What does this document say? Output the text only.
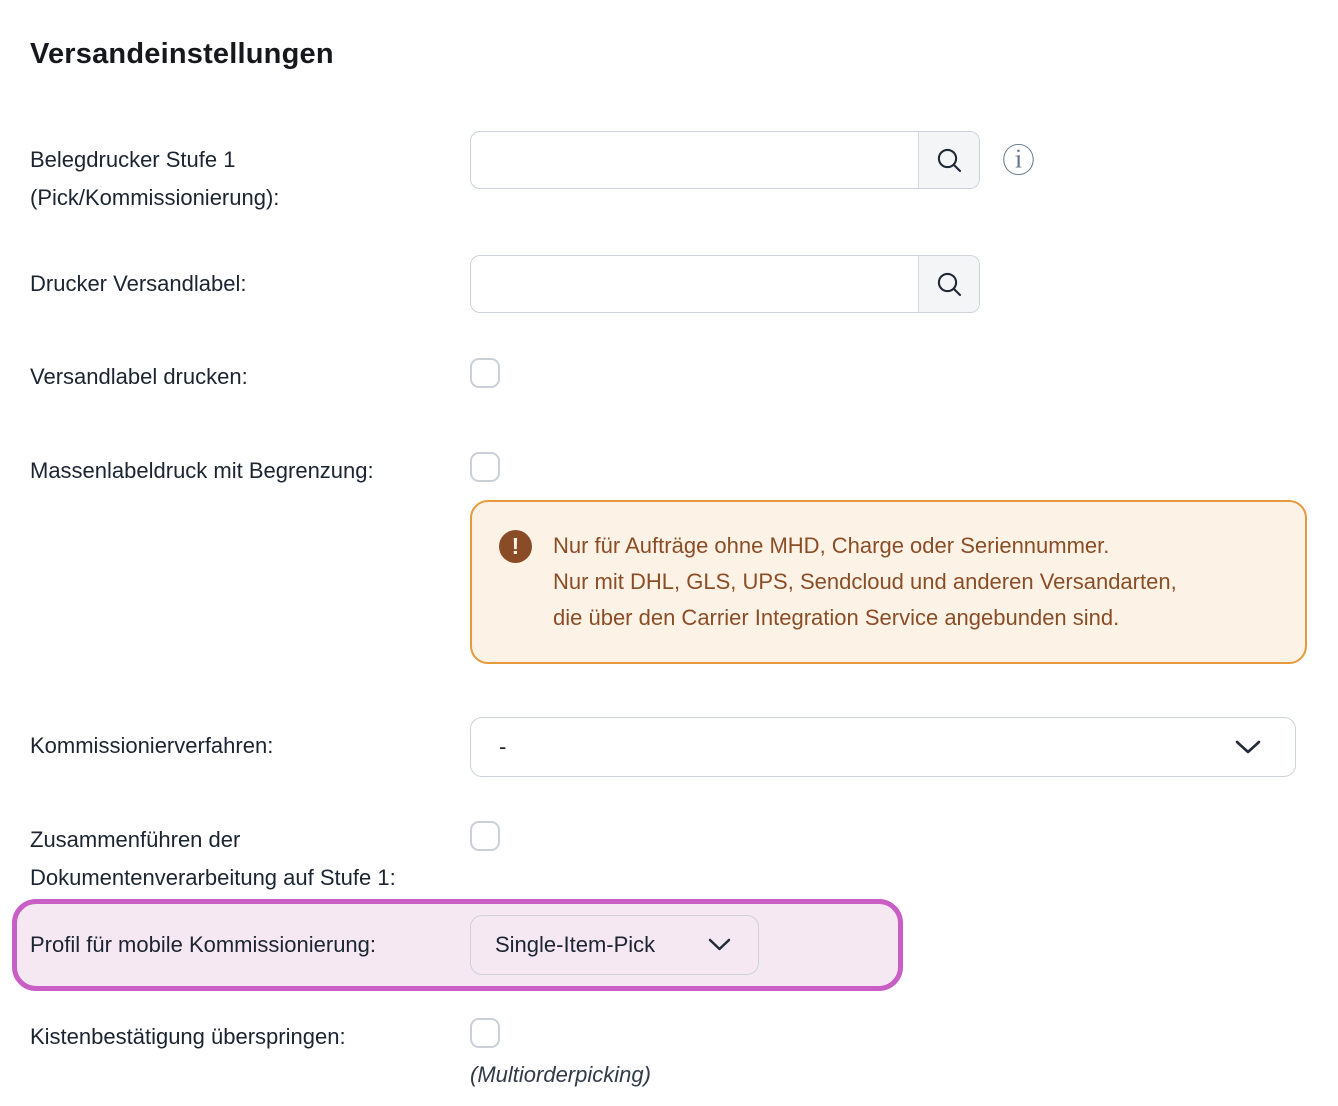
Versandeinstellungen
Belegdrucker Stufe 1 (Pick/Kommissionierung):
ⓘ
Drucker Versandlabel:
Versandlabel drucken:
Massenlabeldruck mit Begrenzung:
!	Nur für Aufträge ohne MHD, Charge oder Seriennummer.
Nur mit DHL, GLS, UPS, Sendcloud und anderen Versandarten,
die über den Carrier Integration Service angebunden sind.
Kommissionierverfahren:	-
Zusammenführen der Dokumentenverarbeitung auf Stufe 1:
Profil für mobile Kommissionierung:	Single-Item-Pick
Kistenbestätigung überspringen:
(Multiorderpicking)
